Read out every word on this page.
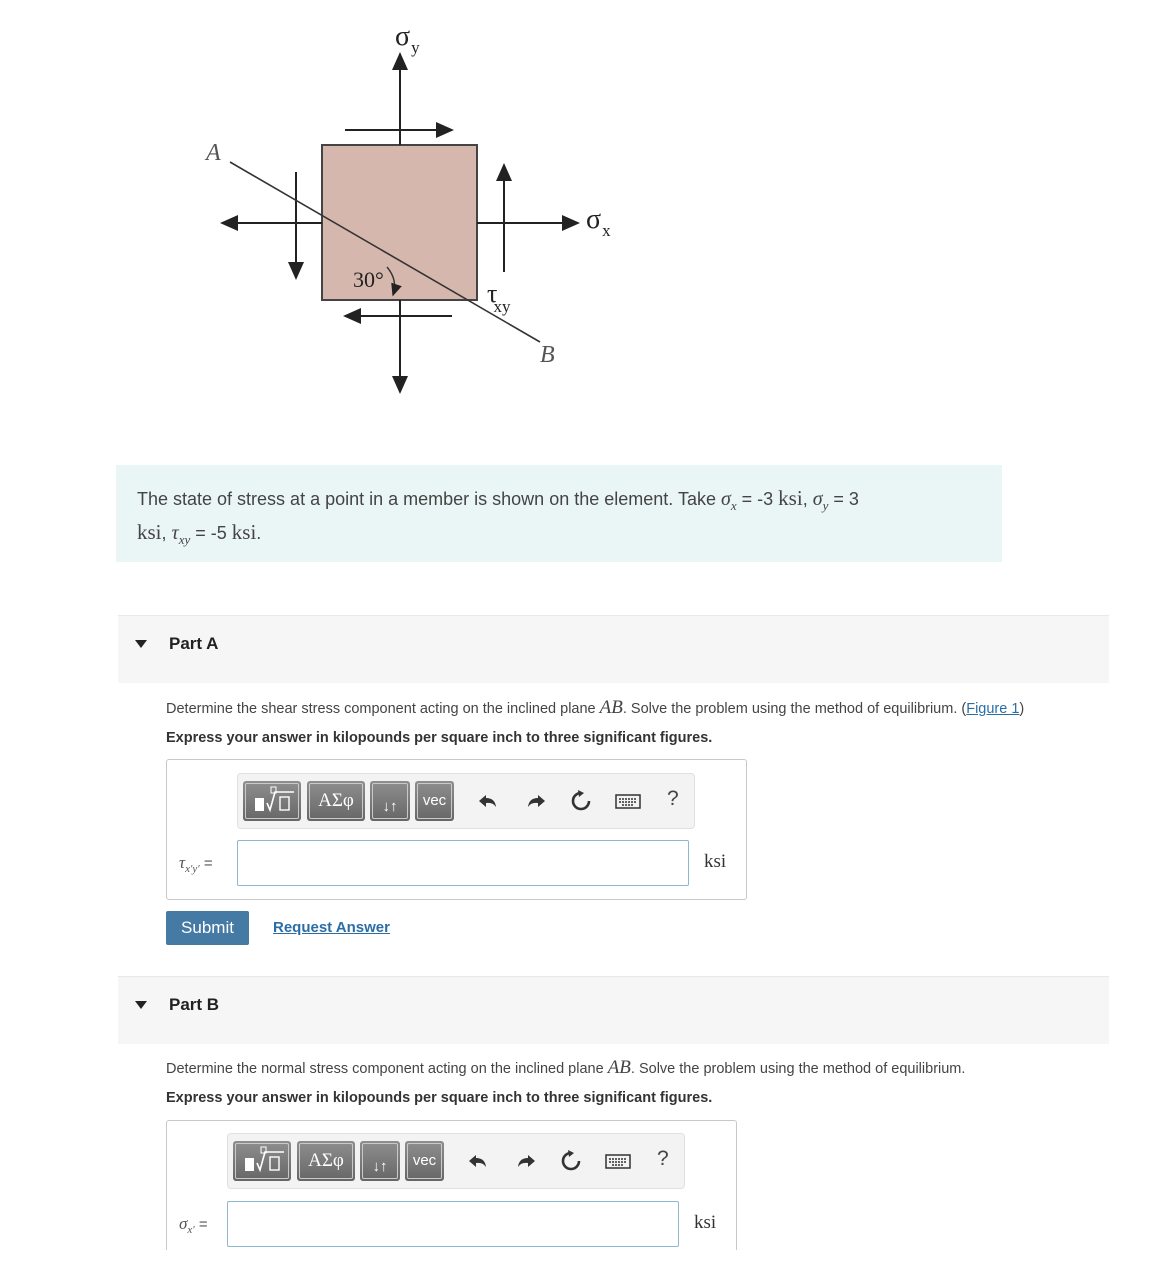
$\sigma_y$
$\sigma_x$
τxy
A
B
30°
The state of stress at a point in a member is shown on the element. Take $\sigma_x = -3$ ksi, $\sigma_y = 3$
ksi, $\tau_{xy} = -5$ ksi.
Part A
Determine the shear stress component acting on the inclined plane AB. Solve the problem using the method of equilibrium. (Figure 1)
Express your answer in kilopounds per square inch to three significant figures.
ΑΣφ	↓↑	vec	?
$\tau_{x'y'}$ =	ksi
Submit	Request Answer
Part B
Determine the normal stress component acting on the inclined plane AB. Solve the problem using the method of equilibrium.
Express your answer in kilopounds per square inch to three significant figures.
ΑΣφ	↓↑	vec	?
$\sigma_{x'}$ =	ksi
